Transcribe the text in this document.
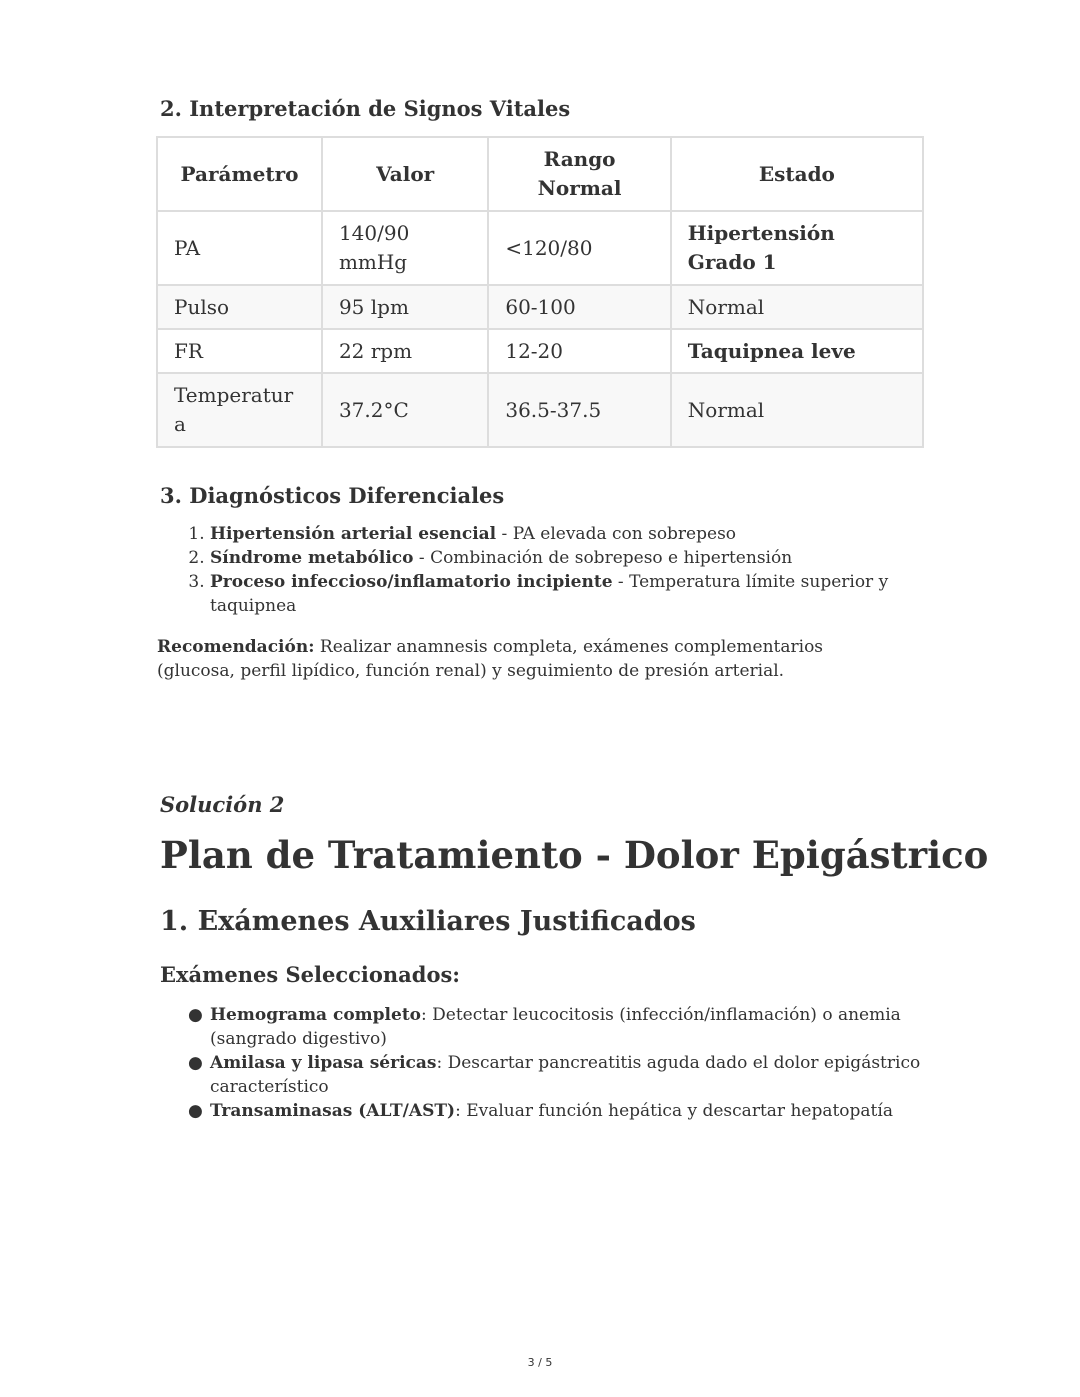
2. Interpretación de Signos Vitales
Parámetro	Valor	Rango Normal	Estado
PA	140/90 mmHg	<120/80	Hipertensión Grado 1
Pulso	95 lpm	60-100	Normal
FR	22 rpm	12-20	Taquipnea leve

Temperatura	37.2°C	36.5-37.5	Normal
3. Diagnósticos Diferenciales
1. Hipertensión arterial esencial - PA elevada con sobrepeso
2. Síndrome metabólico - Combinación de sobrepeso e hipertensión
3. Proceso infeccioso/inflamatorio incipiente - Temperatura límite superior y taquipnea

Recomendación: Realizar anamnesis completa, exámenes complementarios (glucosa, perfil lipídico, función renal) y seguimiento de presión arterial.

Solución 2

Plan de Tratamiento - Dolor Epigástrico
1. Exámenes Auxiliares Justificados
Exámenes Seleccionados:
● Hemograma completo: Detectar leucocitosis (infección/inflamación) o anemia (sangrado digestivo)
● Amilasa y lipasa séricas: Descartar pancreatitis aguda dado el dolor epigástrico característico
● Transaminasas (ALT/AST): Evaluar función hepática y descartar hepatopatía
3 / 5
